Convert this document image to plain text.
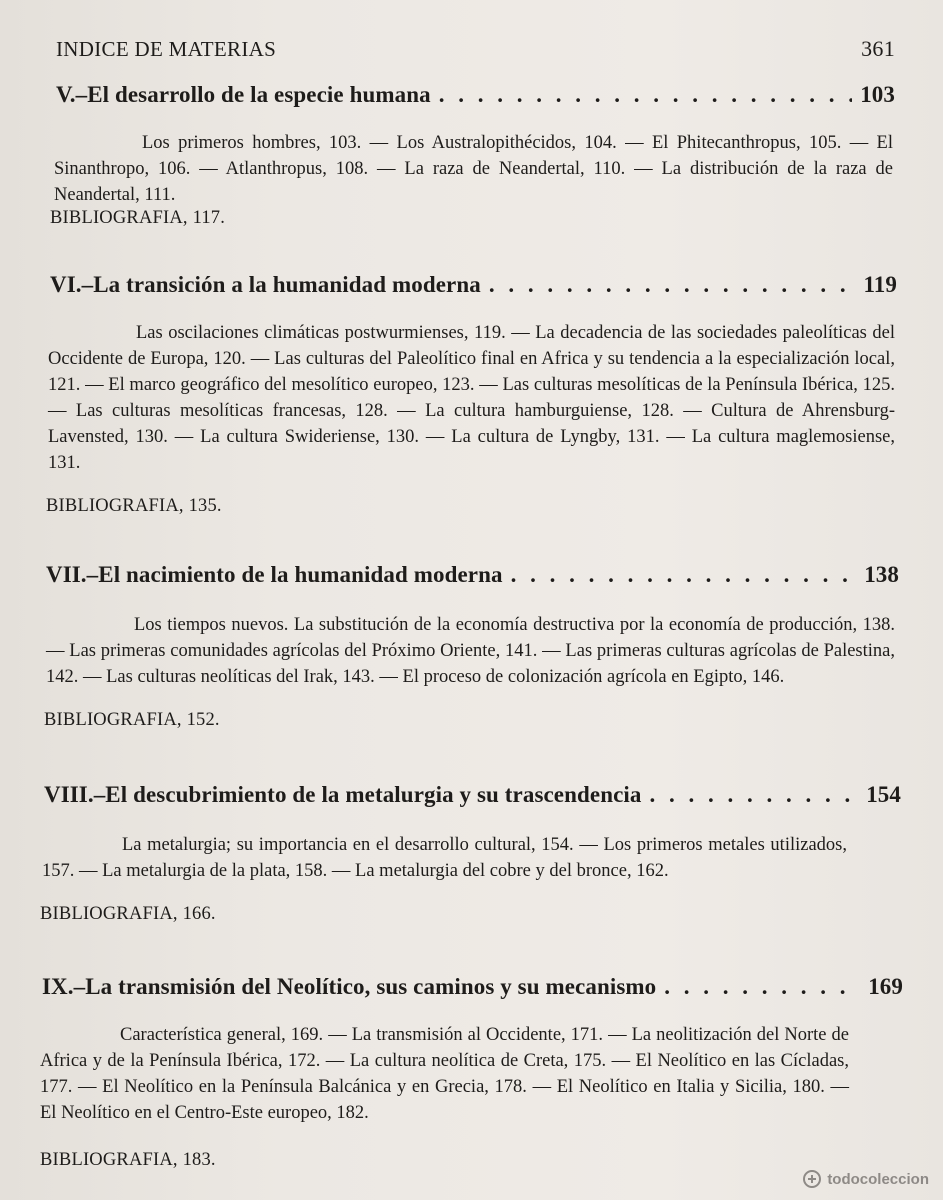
INDICE DE MATERIAS	361
V.–El desarrollo de la especie humana . . .	103
Los primeros hombres, 103. — Los Australopithécidos, 104. — El Phitecanthropus, 105. — El Sinanthropo, 106. — Atlanthropus, 108. — La raza de Neandertal, 110. — La distribución de la raza de Neandertal, 111.
BIBLIOGRAFIA, 117.
VI.–La transición a la humanidad moderna . . .	119
Las oscilaciones climáticas postwurmienses, 119. — La decadencia de las sociedades paleolíticas del Occidente de Europa, 120. — Las culturas del Paleolítico final en Africa y su tendencia a la especialización local, 121. — El marco geográfico del mesolítico europeo, 123. — Las culturas mesolíticas de la Península Ibérica, 125. — Las culturas mesolíticas francesas, 128. — La cultura hamburguiense, 128. — Cultura de Ahrensburg-Lavensted, 130. — La cultura Swideriense, 130. — La cultura de Lyngby, 131. — La cultura maglemosiense, 131.
BIBLIOGRAFIA, 135.
VII.–El nacimiento de la humanidad moderna . . .	138
Los tiempos nuevos. La substitución de la economía destructiva por la economía de producción, 138. — Las primeras comunidades agrícolas del Próximo Oriente, 141. — Las primeras culturas agrícolas de Palestina, 142. — Las culturas neolíticas del Irak, 143. — El proceso de colonización agrícola en Egipto, 146.
BIBLIOGRAFIA, 152.
VIII.–El descubrimiento de la metalurgia y su trascendencia . . .	154
La metalurgia; su importancia en el desarrollo cultural, 154. — Los primeros metales utilizados, 157. — La metalurgia de la plata, 158. — La metalurgia del cobre y del bronce, 162.
BIBLIOGRAFIA, 166.
IX.–La transmisión del Neolítico, sus caminos y su mecanismo . . .	169
Característica general, 169. — La transmisión al Occidente, 171. — La neolitización del Norte de Africa y de la Península Ibérica, 172. — La cultura neolítica de Creta, 175. — El Neolítico en las Cícladas, 177. — El Neolítico en la Península Balcánica y en Grecia, 178. — El Neolítico en Italia y Sicilia, 180. — El Neolítico en el Centro-Este europeo, 182.
BIBLIOGRAFIA, 183.
todocoleccion
